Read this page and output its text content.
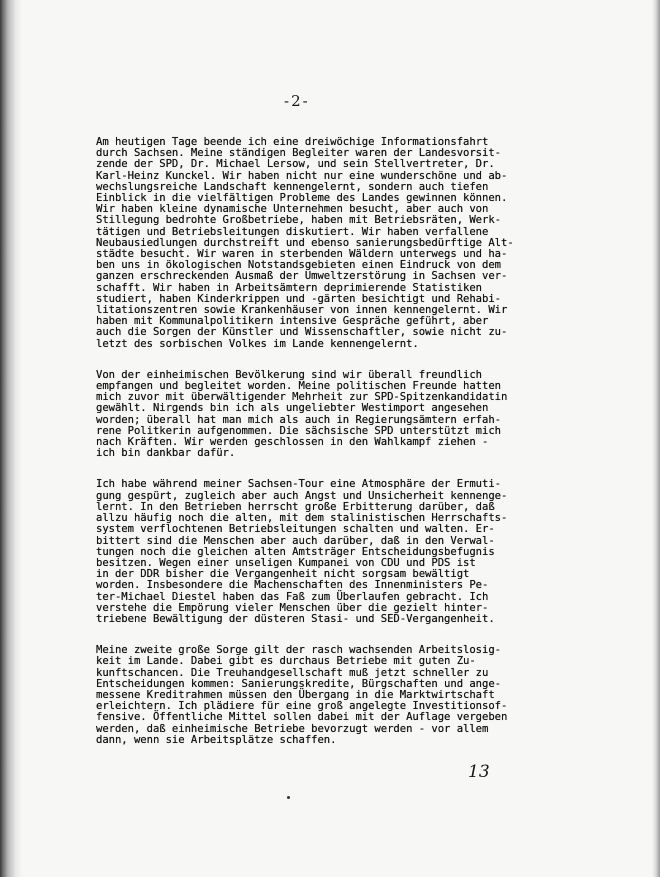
-2-
Am heutigen Tage beende ich eine dreiwöchige Informationsfahrt
durch Sachsen. Meine ständigen Begleiter waren der Landesvorsit-
zende der SPD, Dr. Michael Lersow, und sein Stellvertreter, Dr.
Karl-Heinz Kunckel. Wir haben nicht nur eine wunderschöne und ab-
wechslungsreiche Landschaft kennengelernt, sondern auch tiefen
Einblick in die vielfältigen Probleme des Landes gewinnen können.
Wir haben kleine dynamische Unternehmen besucht, aber auch von
Stillegung bedrohte Großbetriebe, haben mit Betriebsräten, Werk-
tätigen und Betriebsleitungen diskutiert. Wir haben verfallene
Neubausiedlungen durchstreift und ebenso sanierungsbedürftige Alt-
städte besucht. Wir waren in sterbenden Wäldern unterwegs und ha-
ben uns in ökologischen Notstandsgebieten einen Eindruck von dem
ganzen erschreckenden Ausmaß der Umweltzerstörung in Sachsen ver-
schafft. Wir haben in Arbeitsämtern deprimierende Statistiken
studiert, haben Kinderkrippen und -gärten besichtigt und Rehabi-
litationszentren sowie Krankenhäuser von innen kennengelernt. Wir
haben mit Kommunalpolitikern intensive Gespräche geführt, aber
auch die Sorgen der Künstler und Wissenschaftler, sowie nicht zu-
letzt des sorbischen Volkes im Lande kennengelernt.
Von der einheimischen Bevölkerung sind wir überall freundlich
empfangen und begleitet worden. Meine politischen Freunde hatten
mich zuvor mit überwältigender Mehrheit zur SPD-Spitzenkandidatin
gewählt. Nirgends bin ich als ungeliebter Westimport angesehen
worden; überall hat man mich als auch in Regierungsämtern erfah-
rene Politkerin aufgenommen. Die sächsische SPD unterstützt mich
nach Kräften. Wir werden geschlossen in den Wahlkampf ziehen -
ich bin dankbar dafür.
Ich habe während meiner Sachsen-Tour eine Atmosphäre der Ermuti-
gung gespürt, zugleich aber auch Angst und Unsicherheit kennenge-
lernt. In den Betrieben herrscht große Erbitterung darüber, daß
allzu häufig noch die alten, mit dem stalinistischen Herrschafts-
system verflochtenen Betriebsleitungen schalten und walten. Er-
bittert sind die Menschen aber auch darüber, daß in den Verwal-
tungen noch die gleichen alten Amtsträger Entscheidungsbefugnis
besitzen. Wegen einer unseligen Kumpanei von CDU und PDS ist
in der DDR bisher die Vergangenheit nicht sorgsam bewältigt
worden. Insbesondere die Machenschaften des Innenministers Pe-
ter-Michael Diestel haben das Faß zum Überlaufen gebracht. Ich
verstehe die Empörung vieler Menschen über die gezielt hinter-
triebene Bewältigung der düsteren Stasi- und SED-Vergangenheit.
Meine zweite große Sorge gilt der rasch wachsenden Arbeitslosig-
keit im Lande. Dabei gibt es durchaus Betriebe mit guten Zu-
kunftschancen. Die Treuhandgesellschaft muß jetzt schneller zu
Entscheidungen kommen: Sanierungskredite, Bürgschaften und ange-
messene Kreditrahmen müssen den Übergang in die Marktwirtschaft
erleichtern. Ich plädiere für eine groß angelegte Investitionsof-
fensive. Öffentliche Mittel sollen dabei mit der Auflage vergeben
werden, daß einheimische Betriebe bevorzugt werden - vor allem
dann, wenn sie Arbeitsplätze schaffen.
13
